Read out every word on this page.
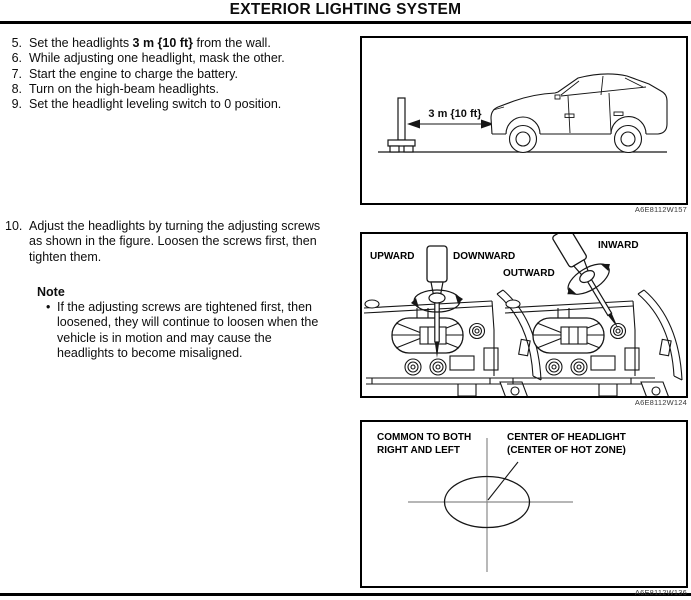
EXTERIOR LIGHTING SYSTEM
5. Set the headlights 3 m {10 ft} from the wall.
6. While adjusting one headlight, mask the other.
7. Start the engine to charge the battery.
8. Turn on the high-beam headlights.
9. Set the headlight leveling switch to 0 position.
10. Adjust the headlights by turning the adjusting screws as shown in the figure. Loosen the screws first, then tighten them.
Note
• If the adjusting screws are tightened first, then loosened, they will continue to loosen when the vehicle is in motion and may cause the headlights to become misaligned.
3 m {10 ft}
A6E8112W157
UPWARD	DOWNWARD
OUTWARD
INWARD
A6E8112W124
COMMON TO BOTH
RIGHT AND LEFT
CENTER OF HEADLIGHT
(CENTER OF HOT ZONE)
A6E8112W136
